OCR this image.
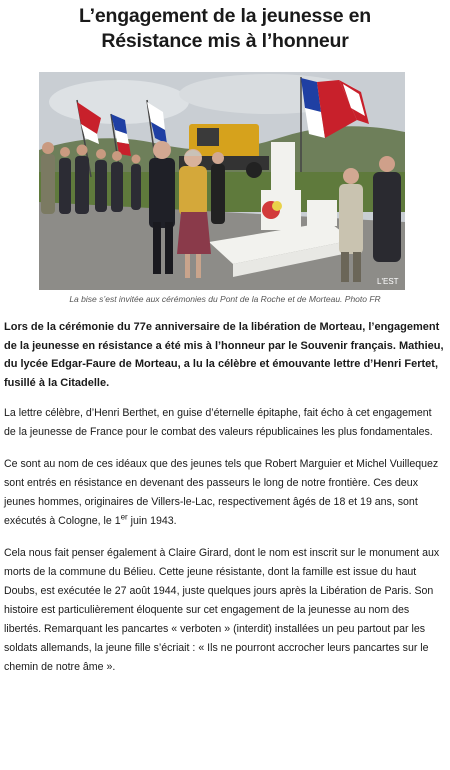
L’engagement de la jeunesse en
Résistance mis à l’honneur
L'EST
La bise s’est invitée aux cérémonies du Pont de la Roche et de Morteau. Photo FR

Lors de la cérémonie du 77e anniversaire de la libération de Morteau, l’engagement de la jeunesse en résistance a été mis à l’honneur par le Souvenir français. Mathieu, du lycée Edgar-Faure de Morteau, a lu la célèbre et émouvante lettre d’Henri Fertet, fusillé à la Citadelle.

La lettre célèbre, d’Henri Berthet, en guise d’éternelle épitaphe, fait écho à cet engagement de la jeunesse de France pour le combat des valeurs républicaines les plus fondamentales.

Ce sont au nom de ces idéaux que des jeunes tels que Robert Marguier et Michel Vuillequez sont entrés en résistance en devenant des passeurs le long de notre frontière. Ces deux jeunes hommes, originaires de Villers-le-Lac, respectivement âgés de 18 et 19 ans, sont exécutés à Cologne, le 1er juin 1943.

Cela nous fait penser également à Claire Girard, dont le nom est inscrit sur le monument aux morts de la commune du Bélieu. Cette jeune résistante, dont la famille est issue du haut Doubs, est exécutée le 27 août 1944, juste quelques jours après la Libération de Paris. Son histoire est particulièrement éloquente sur cet engagement de la jeunesse au nom des libertés. Remarquant les pancartes « verboten » (interdit) installées un peu partout par les soldats allemands, la jeune fille s’écriait : « Ils ne pourront accrocher leurs pancartes sur le chemin de notre âme ».
